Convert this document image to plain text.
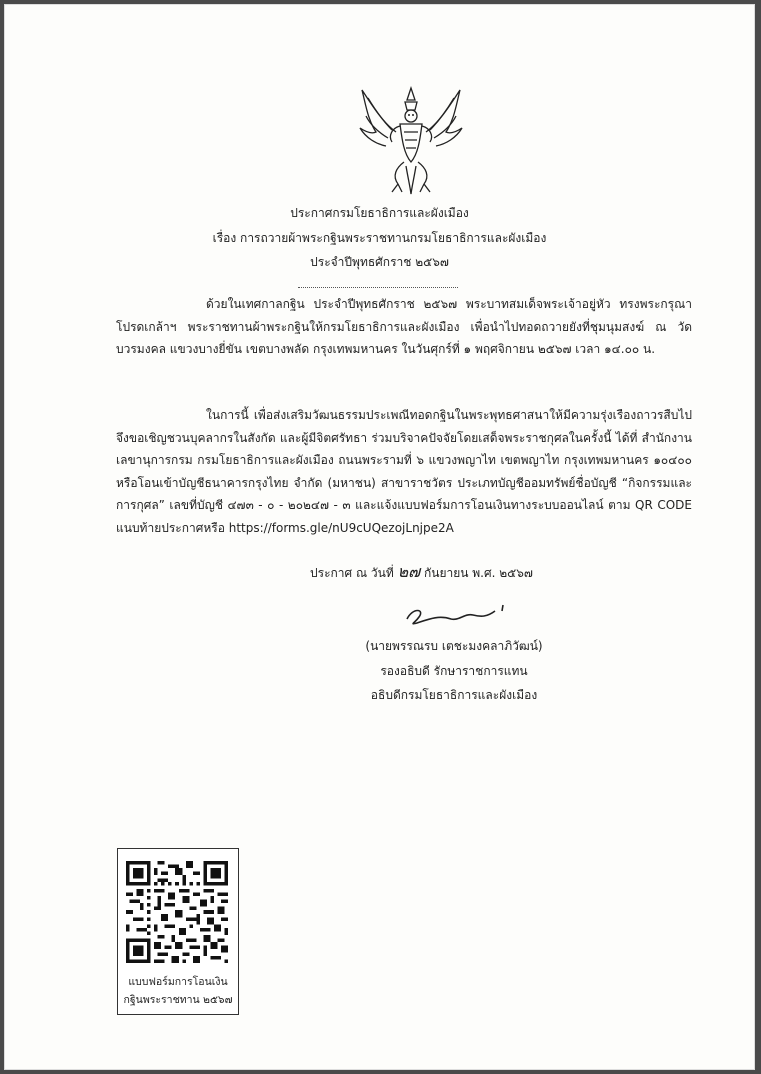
ประกาศกรมโยธาธิการและผังเมือง
เรื่อง การถวายผ้าพระกฐินพระราชทานกรมโยธาธิการและผังเมือง
ประจำปีพุทธศักราช ๒๕๖๗
ด้วยในเทศกาลกฐิน ประจำปีพุทธศักราช ๒๕๖๗ พระบาทสมเด็จพระเจ้าอยู่หัว ทรงพระกรุณาโปรดเกล้าฯ พระราชทานผ้าพระกฐินให้กรมโยธาธิการและผังเมือง เพื่อนำไปทอดถวายยังที่ชุมนุมสงฆ์ ณ วัดบวรมงคล แขวงบางยี่ขัน เขตบางพลัด กรุงเทพมหานคร ในวันศุกร์ที่ ๑ พฤศจิกายน ๒๕๖๗ เวลา ๑๔.๐๐ น.
ในการนี้ เพื่อส่งเสริมวัฒนธรรมประเพณีทอดกฐินในพระพุทธศาสนาให้มีความรุ่งเรืองถาวรสืบไป จึงขอเชิญชวนบุคลากรในสังกัด และผู้มีจิตศรัทธา ร่วมบริจาคปัจจัยโดยเสด็จพระราชกุศลในครั้งนี้ ได้ที่ สำนักงานเลขานุการกรม กรมโยธาธิการและผังเมือง ถนนพระรามที่ ๖ แขวงพญาไท เขตพญาไท กรุงเทพมหานคร ๑๐๔๐๐ หรือโอนเข้าบัญชีธนาคารกรุงไทย จำกัด (มหาชน) สาขาราชวัตร ประเภทบัญชีออมทรัพย์ชื่อบัญชี “กิจกรรมและการกุศล” เลขที่บัญชี ๔๗๓ - ๐ - ๒๐๒๔๗ - ๓ และแจ้งแบบฟอร์มการโอนเงินทางระบบออนไลน์ ตาม QR CODE แนบท้ายประกาศหรือ https://forms.gle/nU9cUQezojLnjpe2A
ประกาศ ณ วันที่ ๒๗ กันยายน พ.ศ. ๒๕๖๗
(นายพรรณรบ เตชะมงคลาภิวัฒน์)
รองอธิบดี รักษาราชการแทน
อธิบดีกรมโยธาธิการและผังเมือง
แบบฟอร์มการโอนเงิน
กฐินพระราชทาน ๒๕๖๗
